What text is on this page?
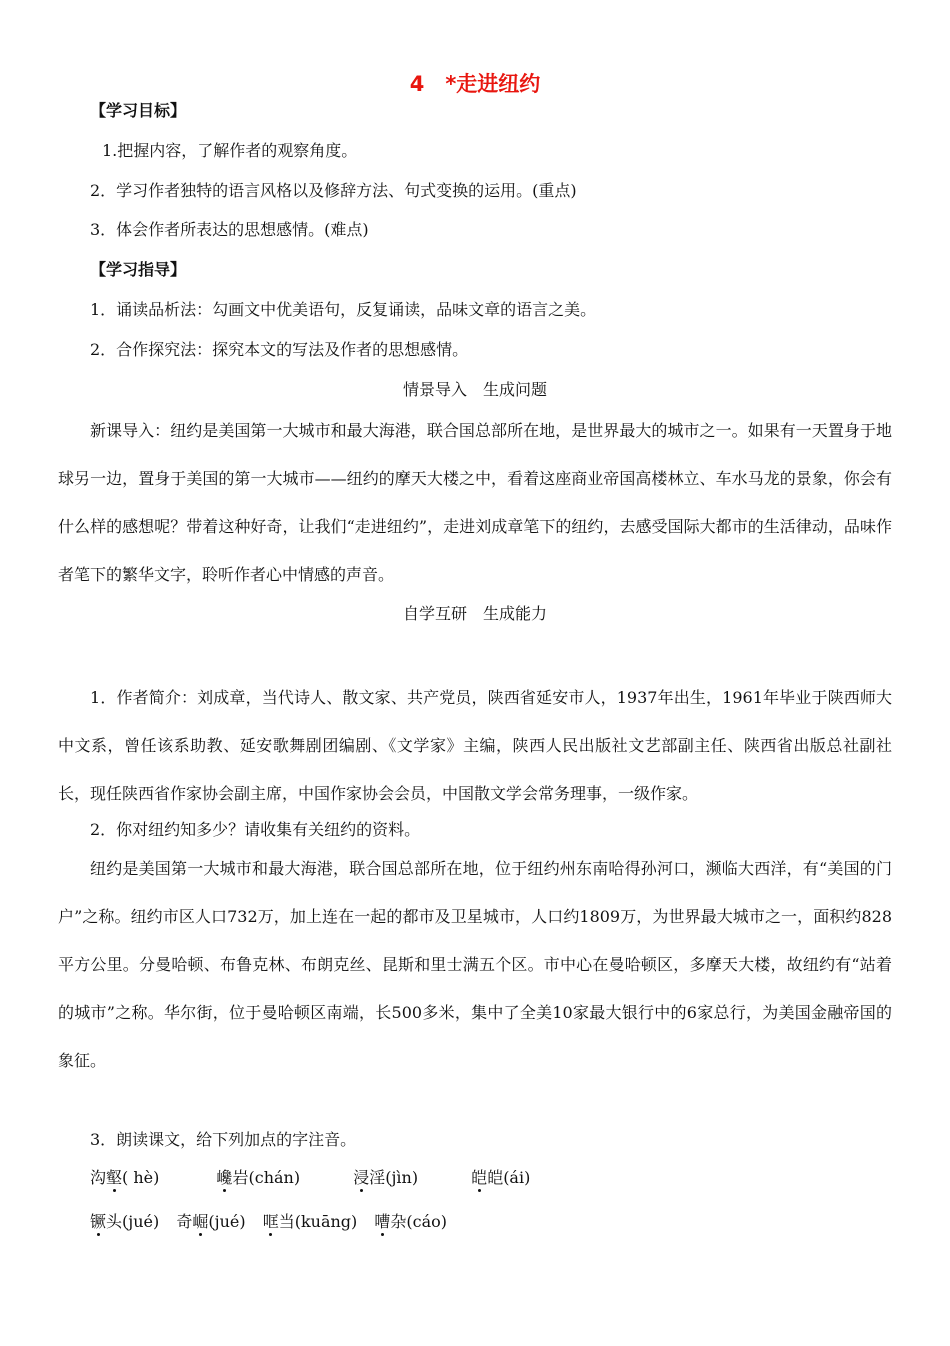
4　*走进纽约
【学习目标】
1.把握内容，了解作者的观察角度。
2．学习作者独特的语言风格以及修辞方法、句式变换的运用。(重点)
3．体会作者所表达的思想感情。(难点)
【学习指导】
1．诵读品析法：勾画文中优美语句，反复诵读，品味文章的语言之美。
2．合作探究法：探究本文的写法及作者的思想感情。
情景导入　生成问题
新课导入：纽约是美国第一大城市和最大海港，联合国总部所在地，是世界最大的城市之一。如果有一天置身于地球另一边，置身于美国的第一大城市——纽约的摩天大楼之中，看着这座商业帝国高楼林立、车水马龙的景象，你会有什么样的感想呢？带着这种好奇，让我们“走进纽约”，走进刘成章笔下的纽约，去感受国际大都市的生活律动，品味作者笔下的繁华文字，聆听作者心中情感的声音。
自学互研　生成能力
1．作者简介：刘成章，当代诗人、散文家、共产党员，陕西省延安市人，1937年出生，1961年毕业于陕西师大中文系，曾任该系助教、延安歌舞剧团编剧、《文学家》主编，陕西人民出版社文艺部副主任、陕西省出版总社副社长，现任陕西省作家协会副主席，中国作家协会会员，中国散文学会常务理事，一级作家。
2．你对纽约知多少？请收集有关纽约的资料。
纽约是美国第一大城市和最大海港，联合国总部所在地，位于纽约州东南哈得孙河口，濒临大西洋，有“美国的门户”之称。纽约市区人口732万，加上连在一起的都市及卫星城市，人口约1809万，为世界最大城市之一，面积约828平方公里。分曼哈顿、布鲁克林、布朗克丝、昆斯和里士满五个区。市中心在曼哈顿区，多摩天大楼，故纽约有“站着的城市”之称。华尔街，位于曼哈顿区南端，长500多米，集中了全美10家最大银行中的6家总行，为美国金融帝国的象征。
3．朗读课文，给下列加点的字注音。
沟壑( hè)	巉岩(chán)	浸淫(jìn)	皑皑(ái)
镢头(jué) 奇崛(jué) 哐当(kuāng) 嘈杂(cáo)
